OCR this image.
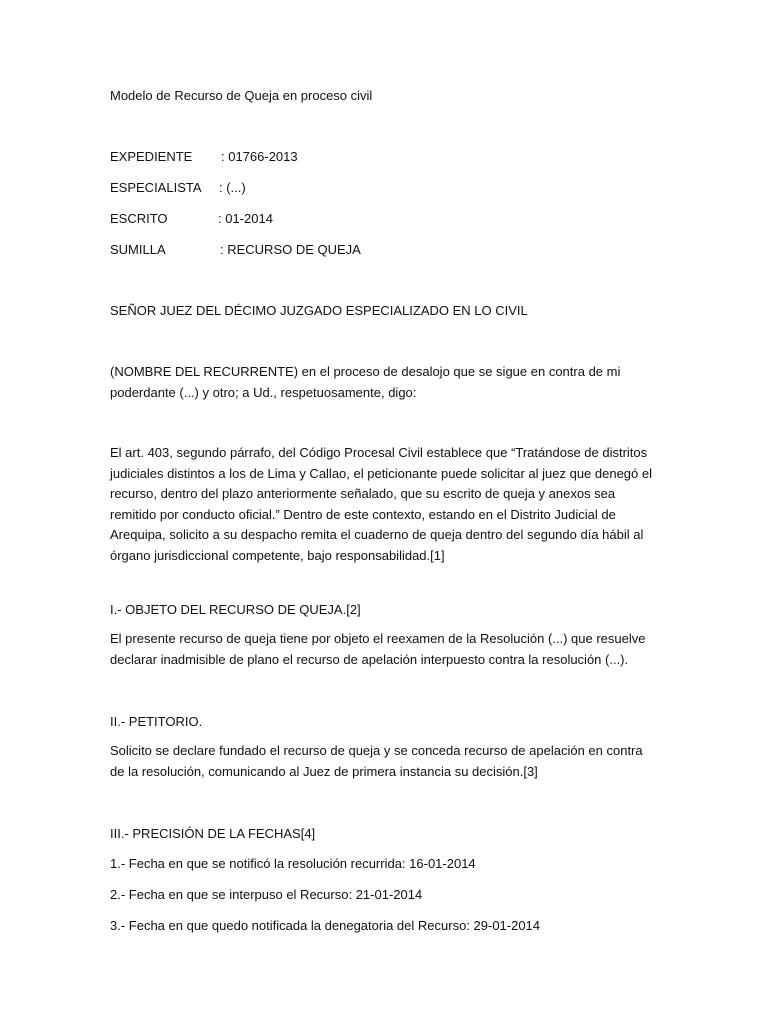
Modelo de Recurso de Queja en proceso civil
EXPEDIENTE : 01766-2013
ESPECIALISTA : (...)
ESCRITO	: 01-2014
SUMILLA	: RECURSO DE QUEJA
SEÑOR JUEZ DEL DÉCIMO JUZGADO ESPECIALIZADO EN LO CIVIL
(NOMBRE DEL RECURRENTE) en el proceso de desalojo que se sigue en contra de mi poderdante (...) y otro; a Ud., respetuosamente, digo:
El art. 403, segundo párrafo, del Código Procesal Civil establece que “Tratándose de distritos judiciales distintos a los de Lima y Callao, el peticionante puede solicitar al juez que denegó el recurso, dentro del plazo anteriormente señalado, que su escrito de queja y anexos sea remitido por conducto oficial.” Dentro de este contexto, estando en el Distrito Judicial de Arequipa, solicito a su despacho remita el cuaderno de queja dentro del segundo día hábil al órgano jurisdiccional competente, bajo responsabilidad.[1]
I.- OBJETO DEL RECURSO DE QUEJA.[2]
El presente recurso de queja tiene por objeto el reexamen de la Resolución (...) que resuelve declarar inadmisible de plano el recurso de apelación interpuesto contra la resolución (...).
II.- PETITORIO.
Solicito se declare fundado el recurso de queja y se conceda recurso de apelación en contra de la resolución, comunicando al Juez de primera instancia su decisión.[3]
III.- PRECISIÓN DE LA FECHAS[4]
1.- Fecha en que se notificó la resolución recurrida: 16-01-2014
2.- Fecha en que se interpuso el Recurso: 21-01-2014
3.- Fecha en que quedo notificada la denegatoria del Recurso: 29-01-2014
